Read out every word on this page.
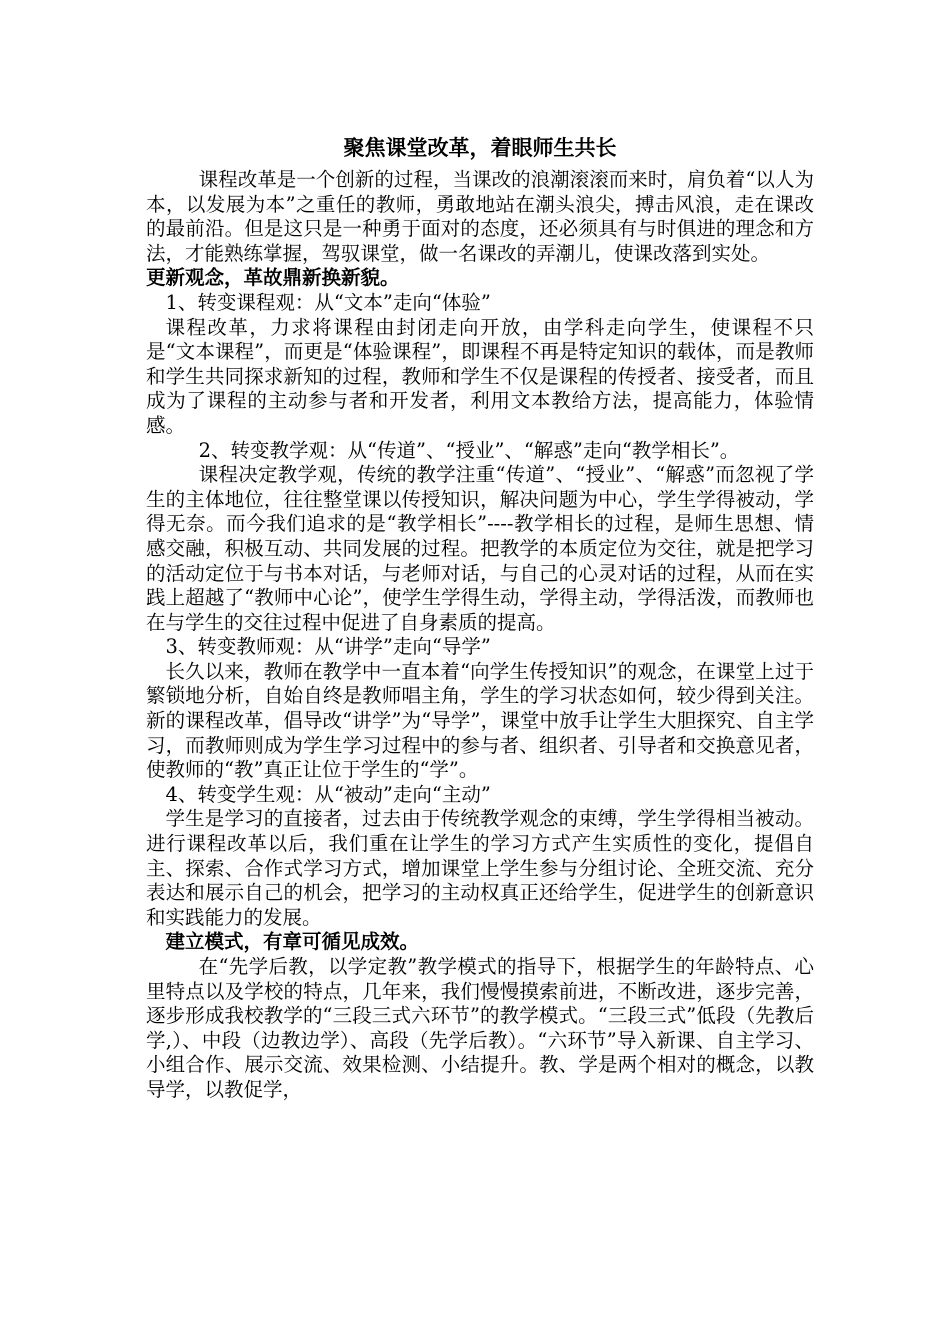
聚焦课堂改革，着眼师生共长

课程改革是一个创新的过程，当课改的浪潮滚滚而来时，肩负着“以人为本，以发展为本”之重任的教师，勇敢地站在潮头浪尖，搏击风浪，走在课改的最前沿。但是这只是一种勇于面对的态度，还必须具有与时俱进的理念和方法，才能熟练掌握，驾驭课堂，做一名课改的弄潮儿，使课改落到实处。

更新观念，革故鼎新换新貌。

1、转变课程观：从“文本”走向“体验”

课程改革，力求将课程由封闭走向开放，由学科走向学生，使课程不只是“文本课程”，而更是“体验课程”，即课程不再是特定知识的载体，而是教师和学生共同探求新知的过程，教师和学生不仅是课程的传授者、接受者，而且成为了课程的主动参与者和开发者，利用文本教给方法，提高能力，体验情感。

2、转变教学观：从“传道”、“授业”、“解惑”走向“教学相长”。

课程决定教学观，传统的教学注重“传道”、“授业”、“解惑”而忽视了学生的主体地位，往往整堂课以传授知识，解决问题为中心，学生学得被动，学得无奈。而今我们追求的是“教学相长”----教学相长的过程，是师生思想、情感交融，积极互动、共同发展的过程。把教学的本质定位为交往，就是把学习的活动定位于与书本对话，与老师对话，与自己的心灵对话的过程，从而在实践上超越了“教师中心论”，使学生学得生动，学得主动，学得活泼，而教师也在与学生的交往过程中促进了自身素质的提高。

3、转变教师观：从“讲学”走向“导学”

长久以来，教师在教学中一直本着“向学生传授知识”的观念，在课堂上过于繁锁地分析，自始自终是教师唱主角，学生的学习状态如何，较少得到关注。新的课程改革，倡导改“讲学”为“导学”，课堂中放手让学生大胆探究、自主学习，而教师则成为学生学习过程中的参与者、组织者、引导者和交换意见者，使教师的“教”真正让位于学生的“学”。

4、转变学生观：从“被动”走向“主动”

学生是学习的直接者，过去由于传统教学观念的束缚，学生学得相当被动。进行课程改革以后，我们重在让学生的学习方式产生实质性的变化，提倡自主、探索、合作式学习方式，增加课堂上学生参与分组讨论、全班交流、充分表达和展示自己的机会，把学习的主动权真正还给学生，促进学生的创新意识和实践能力的发展。

建立模式，有章可循见成效。

在“先学后教，以学定教”教学模式的指导下，根据学生的年龄特点、心里特点以及学校的特点，几年来，我们慢慢摸索前进，不断改进，逐步完善，逐步形成我校教学的“三段三式六环节”的教学模式。“三段三式”低段（先教后学,）、中段（边教边学）、高段（先学后教）。“六环节”导入新课、自主学习、小组合作、展示交流、效果检测、小结提升。教、学是两个相对的概念，以教导学，以教促学，
